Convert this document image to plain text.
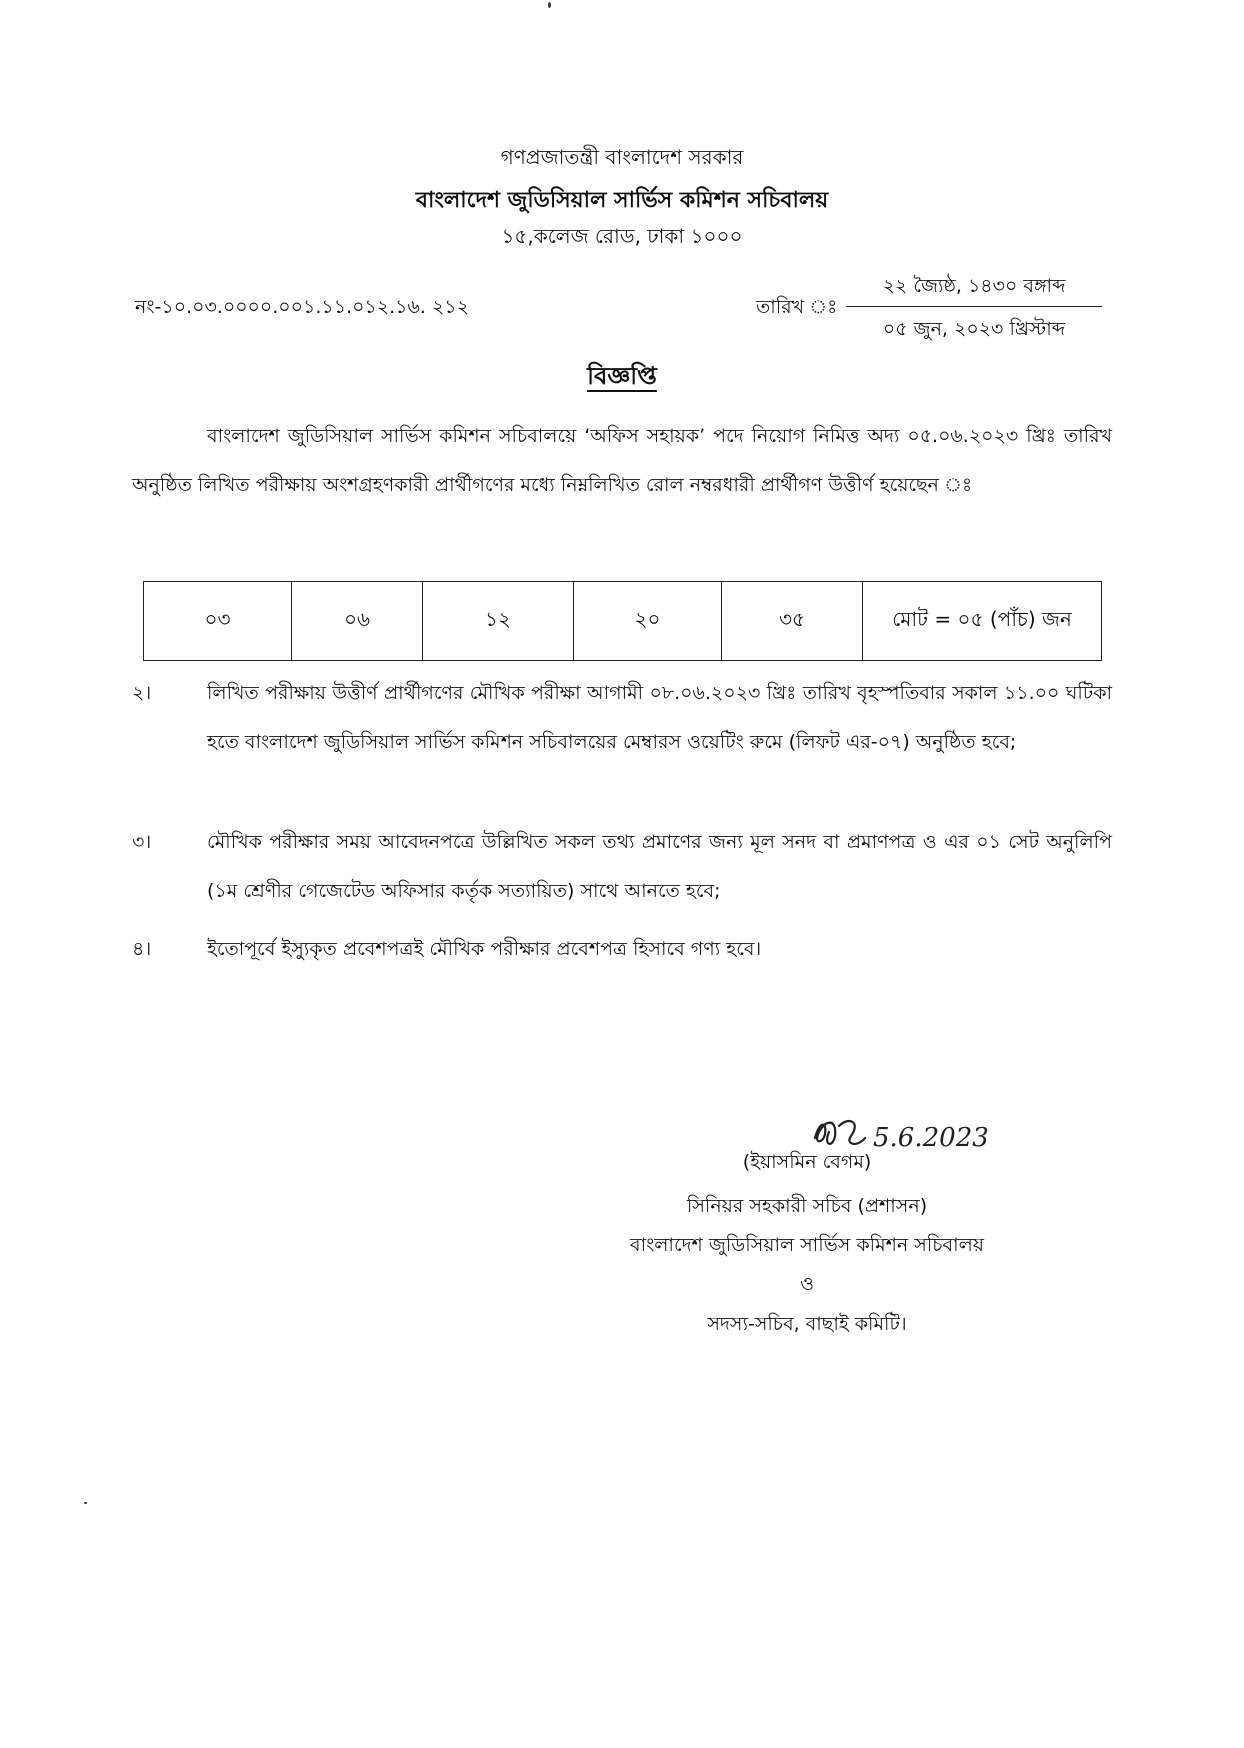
গণপ্রজাতন্ত্রী বাংলাদেশ সরকার
বাংলাদেশ জুডিসিয়াল সার্ভিস কমিশন সচিবালয়
১৫,কলেজ রোড, ঢাকা ১০০০
নং-১০.০৩.০০০০.০০১.১১.০১২.১৬. ২১২	তারিখ ঃ
২২ জ্যৈষ্ঠ, ১৪৩০ বঙ্গাব্দ
০৫ জুন, ২০২৩ খ্রিস্টাব্দ
বিজ্ঞপ্তি
বাংলাদেশ জুডিসিয়াল সার্ভিস কমিশন সচিবালয়ে ‘অফিস সহায়ক’ পদে নিয়োগ নিমিত্ত অদ্য ০৫.০৬.২০২৩ খ্রিঃ তারিখ অনুষ্ঠিত লিখিত পরীক্ষায় অংশগ্রহণকারী প্রার্থীগণের মধ্যে নিম্নলিখিত রোল নম্বরধারী প্রার্থীগণ উত্তীর্ণ হয়েছেন ঃ
০৩	০৬	১২	২০	৩৫	মোট = ০৫ (পাঁচ) জন
২।	লিখিত পরীক্ষায় উত্তীর্ণ প্রার্থীগণের মৌখিক পরীক্ষা আগামী ০৮.০৬.২০২৩ খ্রিঃ তারিখ বৃহস্পতিবার সকাল ১১.০০ ঘটিকা হতে বাংলাদেশ জুডিসিয়াল সার্ভিস কমিশন সচিবালয়ের মেম্বারস ওয়েটিং রুমে (লিফট এর-০৭) অনুষ্ঠিত হবে;
৩।	মৌখিক পরীক্ষার সময় আবেদনপত্রে উল্লিখিত সকল তথ্য প্রমাণের জন্য মূল সনদ বা প্রমাণপত্র ও এর ০১ সেট অনুলিপি (১ম শ্রেণীর গেজেটেড অফিসার কর্তৃক সত্যায়িত) সাথে আনতে হবে;
৪।	ইতোপূর্বে ইস্যুকৃত প্রবেশপত্রই মৌখিক পরীক্ষার প্রবেশপত্র হিসাবে গণ্য হবে।
5.6.2023
(ইয়াসমিন বেগম)
সিনিয়র সহকারী সচিব (প্রশাসন)
বাংলাদেশ জুডিসিয়াল সার্ভিস কমিশন সচিবালয়
ও
সদস্য-সচিব, বাছাই কমিটি।
